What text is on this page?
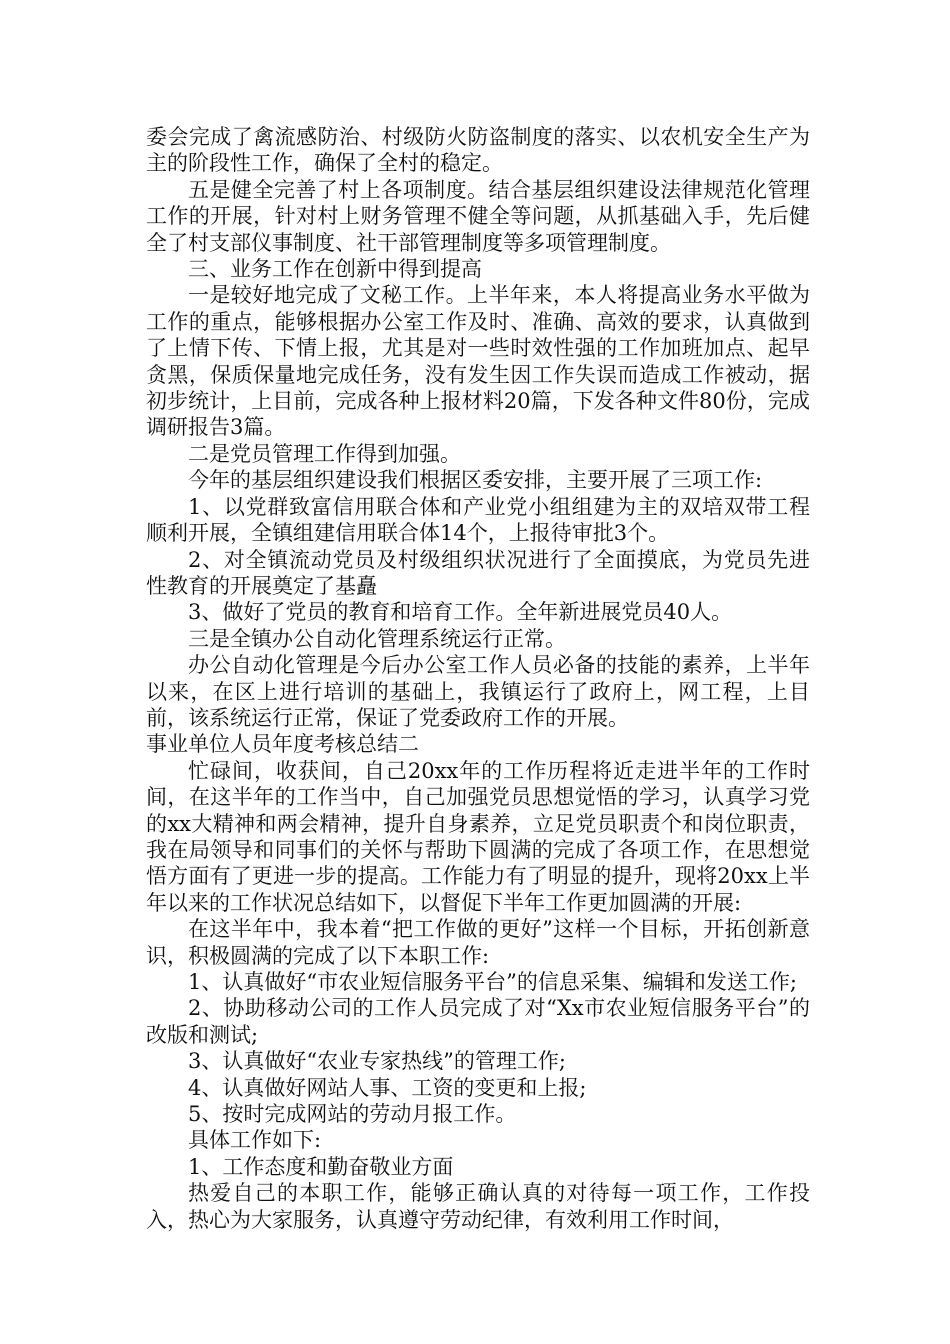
委会完成了禽流感防治、村级防火防盗制度的落实、以农机安全生产为主的阶段性工作，确保了全村的稳定。

五是健全完善了村上各项制度。结合基层组织建设法律规范化管理工作的开展，针对村上财务管理不健全等问题，从抓基础入手，先后健全了村支部仪事制度、社干部管理制度等多项管理制度。

三、业务工作在创新中得到提高

一是较好地完成了文秘工作。上半年来，本人将提高业务水平做为工作的重点，能够根据办公室工作及时、准确、高效的要求，认真做到了上情下传、下情上报，尤其是对一些时效性强的工作加班加点、起早贪黑，保质保量地完成任务，没有发生因工作失误而造成工作被动，据初步统计，上目前，完成各种上报材料20篇，下发各种文件80份，完成调研报告3篇。

二是党员管理工作得到加强。

今年的基层组织建设我们根据区委安排，主要开展了三项工作:

1、以党群致富信用联合体和产业党小组组建为主的双培双带工程顺利开展，全镇组建信用联合体14个，上报待审批3个。

2、对全镇流动党员及村级组织状况进行了全面摸底，为党员先进性教育的开展奠定了基矗

3、做好了党员的教育和培育工作。全年新进展党员40人。

三是全镇办公自动化管理系统运行正常。

办公自动化管理是今后办公室工作人员必备的技能的素养，上半年以来，在区上进行培训的基础上，我镇运行了政府上，网工程，上目前，该系统运行正常，保证了党委政府工作的开展。

事业单位人员年度考核总结二

忙碌间，收获间，自己20xx年的工作历程将近走进半年的工作时间，在这半年的工作当中，自己加强党员思想觉悟的学习，认真学习党的xx大精神和两会精神，提升自身素养，立足党员职责个和岗位职责，我在局领导和同事们的关怀与帮助下圆满的完成了各项工作，在思想觉悟方面有了更进一步的提高。工作能力有了明显的提升，现将20xx上半年以来的工作状况总结如下，以督促下半年工作更加圆满的开展:

在这半年中，我本着“把工作做的更好”这样一个目标，开拓创新意识，积极圆满的完成了以下本职工作:

1、认真做好“市农业短信服务平台”的信息采集、编辑和发送工作;

2、协助移动公司的工作人员完成了对“Xx市农业短信服务平台”的改版和测试;

3、认真做好“农业专家热线”的管理工作;

4、认真做好网站人事、工资的变更和上报;

5、按时完成网站的劳动月报工作。

具体工作如下:

1、工作态度和勤奋敬业方面

热爱自己的本职工作，能够正确认真的对待每一项工作，工作投入，热心为大家服务，认真遵守劳动纪律，有效利用工作时间，
